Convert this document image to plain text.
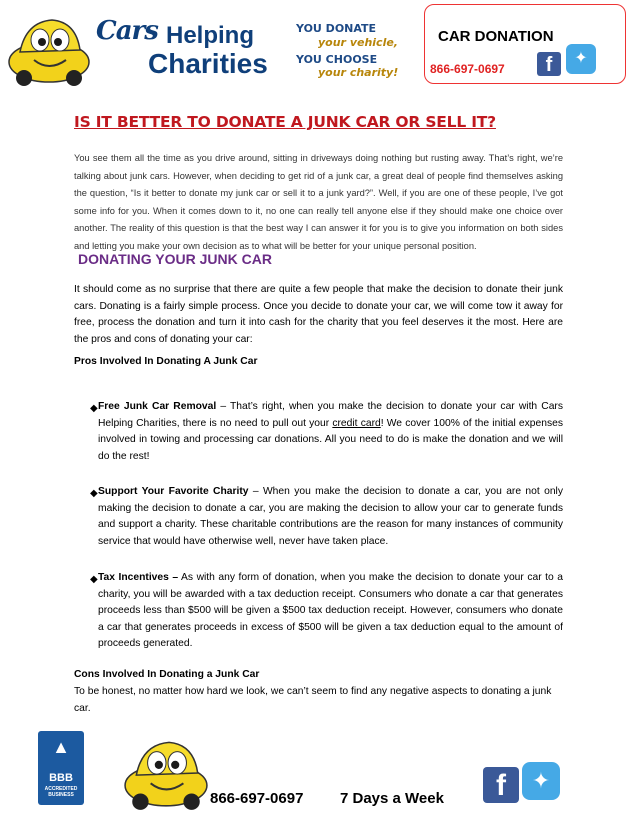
Cars Helping
Charities
YOU DONATE
your vehicle,
YOU CHOOSE
your charity!
CAR DONATION
866-697-0697	f	✦
IS IT BETTER TO DONATE A JUNK CAR OR SELL IT?
You see them all the time as you drive around, sitting in driveways doing nothing but rusting away. That’s right, we’re talking about junk cars. However, when deciding to get rid of a junk car, a great deal of people find themselves asking the question, “Is it better to donate my junk car or sell it to a junk yard?”. Well, if you are one of these people, I’ve got some info for you. When it comes down to it, no one can really tell anyone else if they should make one choice over another. The reality of this question is that the best way I can answer it for you is to give you information on both sides and letting you make your own decision as to what will be better for your unique personal position.
DONATING YOUR JUNK CAR
It should come as no surprise that there are quite a few people that make the decision to donate their junk cars. Donating is a fairly simple process. Once you decide to donate your car, we will come tow it away for free, process the donation and turn it into cash for the charity that you feel deserves it the most. Here are the pros and cons of donating your car:
Pros Involved In Donating A Junk Car
◆ Free Junk Car Removal – That’s right, when you make the decision to donate your car with Cars Helping Charities, there is no need to pull out your credit card! We cover 100% of the initial expenses involved in towing and processing car donations. All you need to do is make the donation and we will do the rest!
◆ Support Your Favorite Charity – When you make the decision to donate a car, you are not only making the decision to donate a car, you are making the decision to allow your car to generate funds and support a charity. These charitable contributions are the reason for many instances of community service that would have otherwise well, never have taken place.
◆ Tax Incentives – As with any form of donation, when you make the decision to donate your car to a charity, you will be awarded with a tax deduction receipt. Consumers who donate a car that generates proceeds less than $500 will be given a $500 tax deduction receipt. However, consumers who donate a car that generates proceeds in excess of $500 will be given a tax deduction equal to the amount of proceeds generated.
Cons Involved In Donating a Junk Car
To be honest, no matter how hard we look, we can’t seem to find any negative aspects to donating a junk car.
▲
BBB
ACCREDITED BUSINESS	866-697-0697 7 Days a Week	f	✦
